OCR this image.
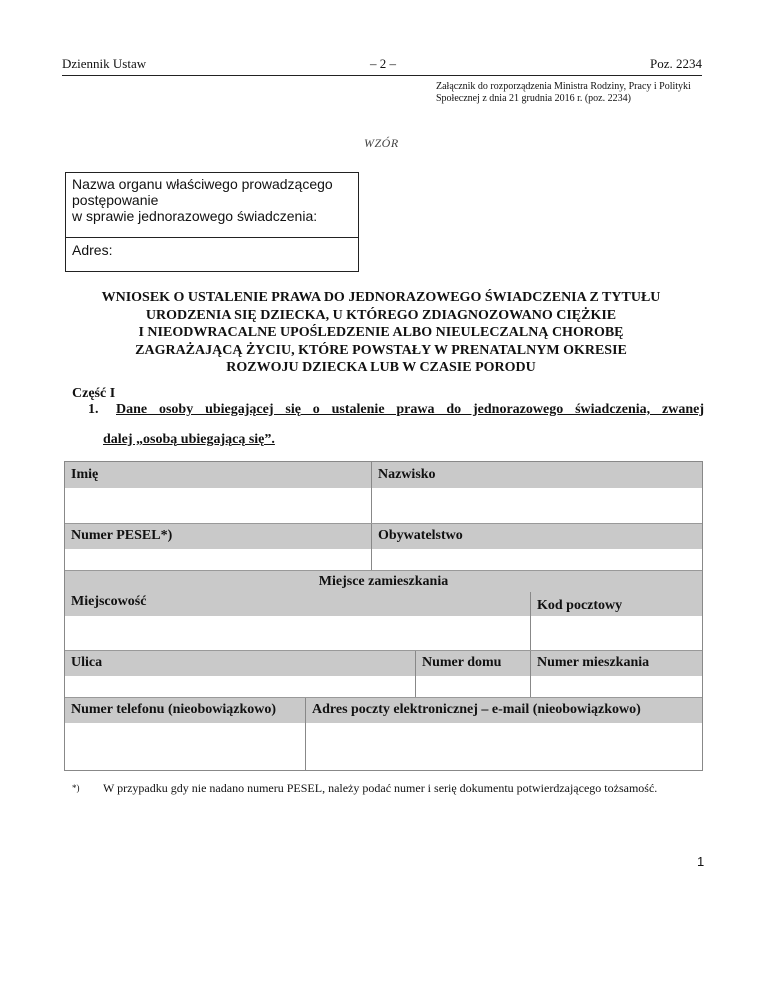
Dziennik Ustaw	– 2 –	Poz. 2234
Załącznik do rozporządzenia Ministra Rodziny, Pracy i Polityki
Społecznej z dnia 21 grudnia 2016 r. (poz. 2234)
WZÓR
Nazwa organu właściwego prowadzącego
postępowanie
w sprawie jednorazowego świadczenia:
Adres:
WNIOSEK O USTALENIE PRAWA DO JEDNORAZOWEGO ŚWIADCZENIA Z TYTUŁU
URODZENIA SIĘ DZIECKA, U KTÓREGO ZDIAGNOZOWANO CIĘŻKIE
I NIEODWRACALNE UPOŚLEDZENIE ALBO NIEULECZALNĄ CHOROBĘ
ZAGRAŻAJĄCĄ ŻYCIU, KTÓRE POWSTAŁY W PRENATALNYM OKRESIE
ROZWOJU DZIECKA LUB W CZASIE PORODU
Część I
1. Dane osoby ubiegającej się o ustalenie prawa do jednorazowego świadczenia, zwanej
dalej „osobą ubiegającą się”.
Imię	Nazwisko
Numer PESEL*)	Obywatelstwo
Miejsce zamieszkania
Miejscowość	Kod pocztowy
Ulica	Numer domu	Numer mieszkania
Numer telefonu (nieobowiązkowo)	Adres poczty elektronicznej – e-mail (nieobowiązkowo)
*) W przypadku gdy nie nadano numeru PESEL, należy podać numer i serię dokumentu potwierdzającego tożsamość.
1
